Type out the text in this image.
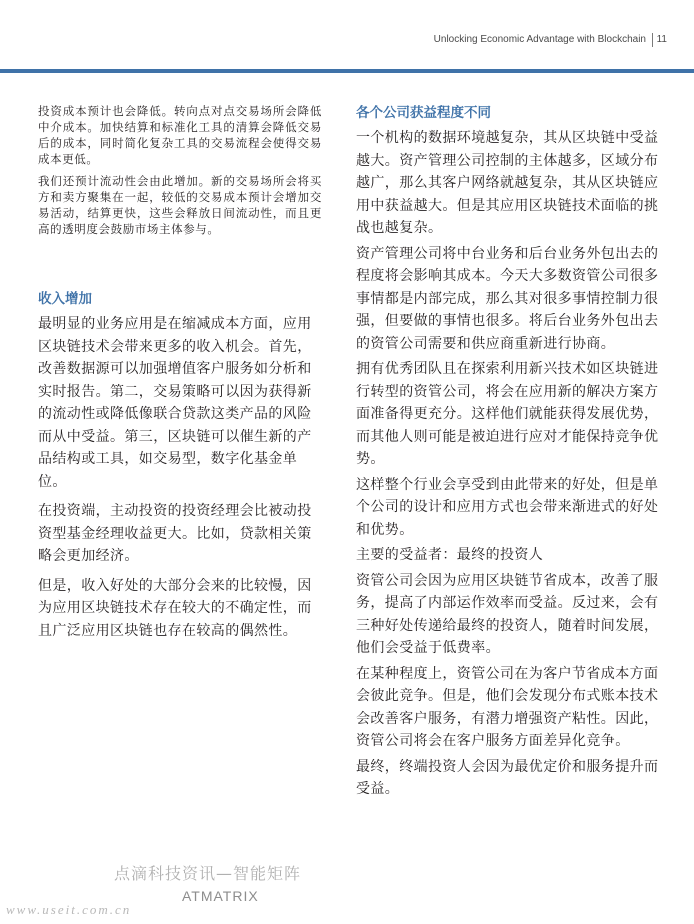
Unlocking Economic Advantage with Blockchain 11

投资成本预计也会降低。转向点对点交易场所会降低中介成本。加快结算和标准化工具的清算会降低交易后的成本，同时简化复杂工具的交易流程会使得交易成本更低。

我们还预计流动性会由此增加。新的交易场所会将买方和卖方聚集在一起，较低的交易成本预计会增加交易活动，结算更快，这些会释放日间流动性，而且更高的透明度会鼓励市场主体参与。

收入增加

最明显的业务应用是在缩减成本方面，应用区块链技术会带来更多的收入机会。首先，改善数据源可以加强增值客户服务如分析和实时报告。第二，交易策略可以因为获得新的流动性或降低像联合贷款这类产品的风险而从中受益。第三，区块链可以催生新的产品结构或工具，如交易型，数字化基金单位。

在投资端，主动投资的投资经理会比被动投资型基金经理收益更大。比如，贷款相关策略会更加经济。

但是，收入好处的大部分会来的比较慢，因为应用区块链技术存在较大的不确定性，而且广泛应用区块链也存在较高的偶然性。

各个公司获益程度不同

一个机构的数据环境越复杂，其从区块链中受益越大。资产管理公司控制的主体越多，区域分布越广，那么其客户网络就越复杂，其从区块链应用中获益越大。但是其应用区块链技术面临的挑战也越复杂。

资产管理公司将中台业务和后台业务外包出去的程度将会影响其成本。今天大多数资管公司很多事情都是内部完成，那么其对很多事情控制力很强，但要做的事情也很多。将后台业务外包出去的资管公司需要和供应商重新进行协商。

拥有优秀团队且在探索利用新兴技术如区块链进行转型的资管公司，将会在应用新的解决方案方面准备得更充分。这样他们就能获得发展优势，而其他人则可能是被迫进行应对才能保持竞争优势。

这样整个行业会享受到由此带来的好处，但是单个公司的设计和应用方式也会带来渐进式的好处和优势。

主要的受益者：最终的投资人

资管公司会因为应用区块链节省成本，改善了服务，提高了内部运作效率而受益。反过来，会有三种好处传递给最终的投资人，随着时间发展，他们会受益于低费率。

在某种程度上，资管公司在为客户节省成本方面会彼此竞争。但是，他们会发现分布式账本技术会改善客户服务，有潜力增强资产粘性。因此，资管公司将会在客户服务方面差异化竞争。

最终，终端投资人会因为最优定价和服务提升而受益。

点滴科技资讯—智能矩阵
ATMATRIX
www.useit.com.cn
